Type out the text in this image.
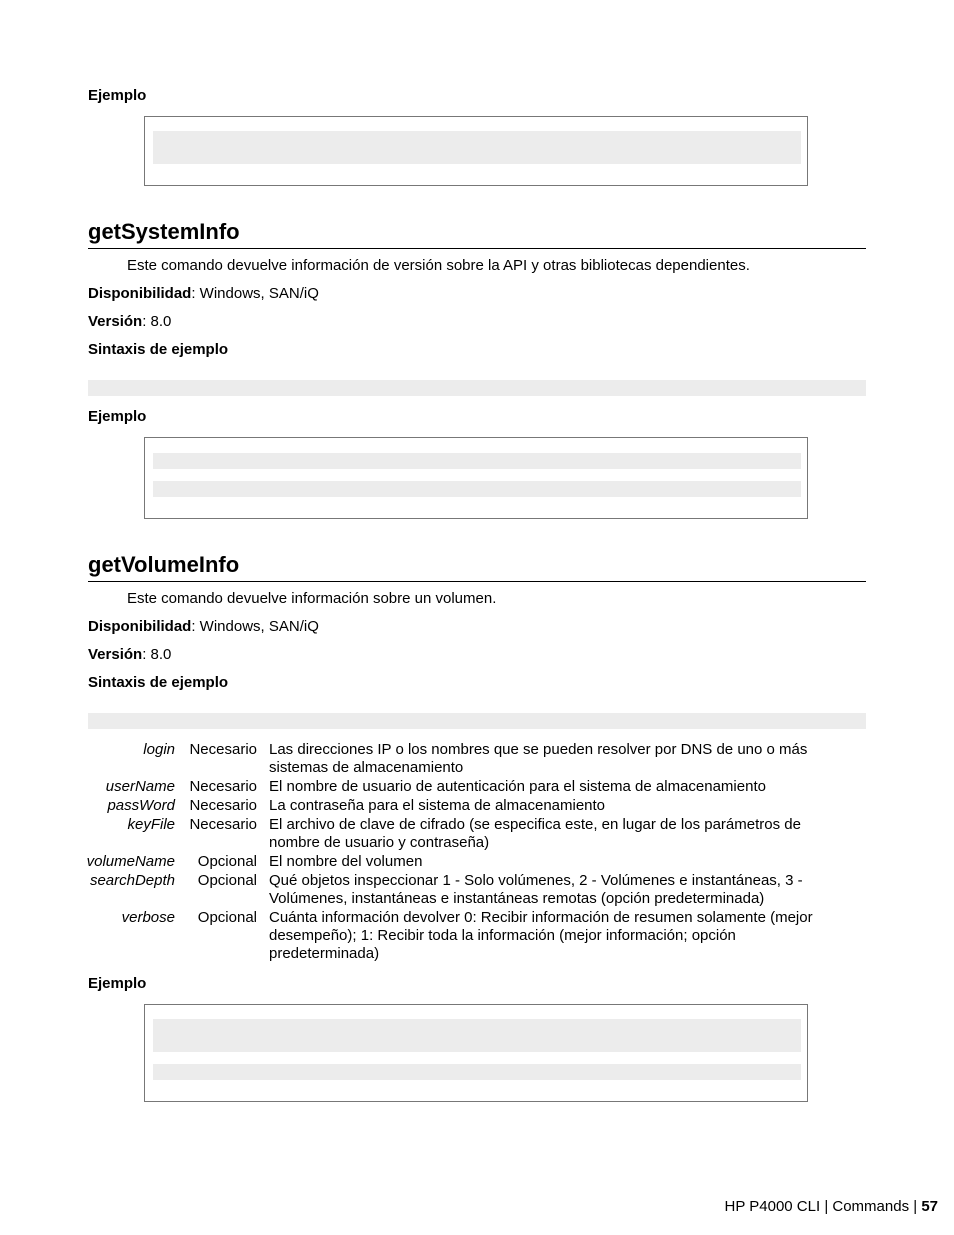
Ejemplo
getSystemInfo
Este comando devuelve información de versión sobre la API y otras bibliotecas dependientes.
Disponibilidad: Windows, SAN/iQ
Versión: 8.0
Sintaxis de ejemplo
Ejemplo
getVolumeInfo
Este comando devuelve información sobre un volumen.
Disponibilidad: Windows, SAN/iQ
Versión: 8.0
Sintaxis de ejemplo
login Necesario Las direcciones IP o los nombres que se pueden resolver por DNS de uno o más sistemas de almacenamiento
userName Necesario El nombre de usuario de autenticación para el sistema de almacenamiento
passWord Necesario La contraseña para el sistema de almacenamiento
keyFile Necesario El archivo de clave de cifrado (se especifica este, en lugar de los parámetros de nombre de usuario y contraseña)
volumeName Opcional El nombre del volumen
searchDepth Opcional Qué objetos inspeccionar 1 - Solo volúmenes, 2 - Volúmenes e instantáneas, 3 - Volúmenes, instantáneas e instantáneas remotas (opción predeterminada)
verbose Opcional Cuánta información devolver 0: Recibir información de resumen solamente (mejor desempeño); 1: Recibir toda la información (mejor información; opción predeterminada)
Ejemplo
HP P4000 CLI | Commands | 57
